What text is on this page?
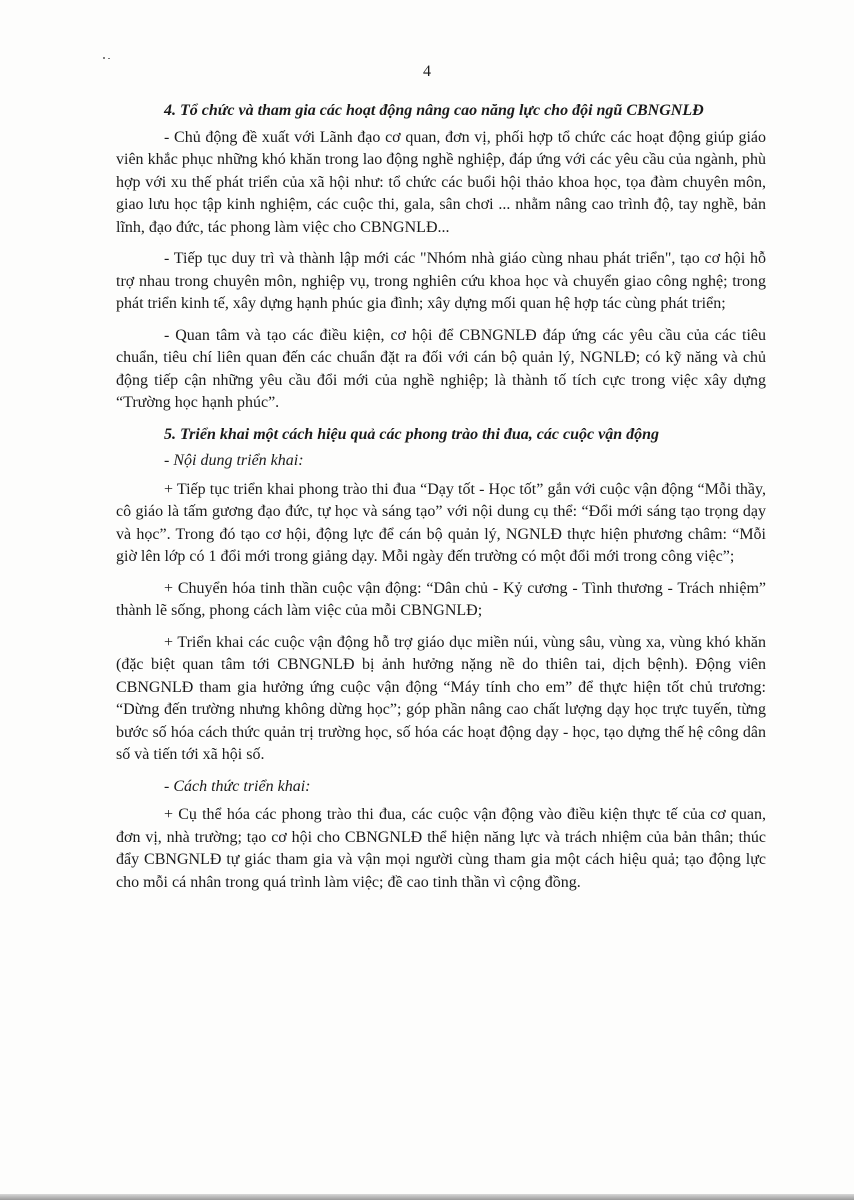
4

4. Tổ chức và tham gia các hoạt động nâng cao năng lực cho đội ngũ CBNGNLĐ

- Chủ động đề xuất với Lãnh đạo cơ quan, đơn vị, phối hợp tổ chức các hoạt động giúp giáo viên khắc phục những khó khăn trong lao động nghề nghiệp, đáp ứng với các yêu cầu của ngành, phù hợp với xu thế phát triển của xã hội như: tổ chức các buổi hội thảo khoa học, tọa đàm chuyên môn, giao lưu học tập kinh nghiệm, các cuộc thi, gala, sân chơi ... nhằm nâng cao trình độ, tay nghề, bản lĩnh, đạo đức, tác phong làm việc cho CBNGNLĐ...

- Tiếp tục duy trì và thành lập mới các "Nhóm nhà giáo cùng nhau phát triển", tạo cơ hội hỗ trợ nhau trong chuyên môn, nghiệp vụ, trong nghiên cứu khoa học và chuyển giao công nghệ; trong phát triển kinh tế, xây dựng hạnh phúc gia đình; xây dựng mối quan hệ hợp tác cùng phát triển;

- Quan tâm và tạo các điều kiện, cơ hội để CBNGNLĐ đáp ứng các yêu cầu của các tiêu chuẩn, tiêu chí liên quan đến các chuẩn đặt ra đối với cán bộ quản lý, NGNLĐ; có kỹ năng và chủ động tiếp cận những yêu cầu đổi mới của nghề nghiệp; là thành tố tích cực trong việc xây dựng “Trường học hạnh phúc”.

5. Triển khai một cách hiệu quả các phong trào thi đua, các cuộc vận động

- Nội dung triển khai:

+ Tiếp tục triển khai phong trào thi đua “Dạy tốt - Học tốt” gắn với cuộc vận động “Mỗi thầy, cô giáo là tấm gương đạo đức, tự học và sáng tạo” với nội dung cụ thể: “Đổi mới sáng tạo trọng dạy và học”. Trong đó tạo cơ hội, động lực để cán bộ quản lý, NGNLĐ thực hiện phương châm: “Mỗi giờ lên lớp có 1 đổi mới trong giảng dạy. Mỗi ngày đến trường có một đổi mới trong công việc”;

+ Chuyển hóa tinh thần cuộc vận động: “Dân chủ - Kỷ cương - Tình thương - Trách nhiệm” thành lẽ sống, phong cách làm việc của mỗi CBNGNLĐ;

+ Triển khai các cuộc vận động hỗ trợ giáo dục miền núi, vùng sâu, vùng xa, vùng khó khăn (đặc biệt quan tâm tới CBNGNLĐ bị ảnh hưởng nặng nề do thiên tai, dịch bệnh). Động viên CBNGNLĐ tham gia hưởng ứng cuộc vận động “Máy tính cho em” để thực hiện tốt chủ trương: “Dừng đến trường nhưng không dừng học”; góp phần nâng cao chất lượng dạy học trực tuyến, từng bước số hóa cách thức quản trị trường học, số hóa các hoạt động dạy - học, tạo dựng thế hệ công dân số và tiến tới xã hội số.

- Cách thức triển khai:

+ Cụ thể hóa các phong trào thi đua, các cuộc vận động vào điều kiện thực tế của cơ quan, đơn vị, nhà trường; tạo cơ hội cho CBNGNLĐ thể hiện năng lực và trách nhiệm của bản thân; thúc đẩy CBNGNLĐ tự giác tham gia và vận mọi người cùng tham gia một cách hiệu quả; tạo động lực cho mỗi cá nhân trong quá trình làm việc; đề cao tinh thần vì cộng đồng.
